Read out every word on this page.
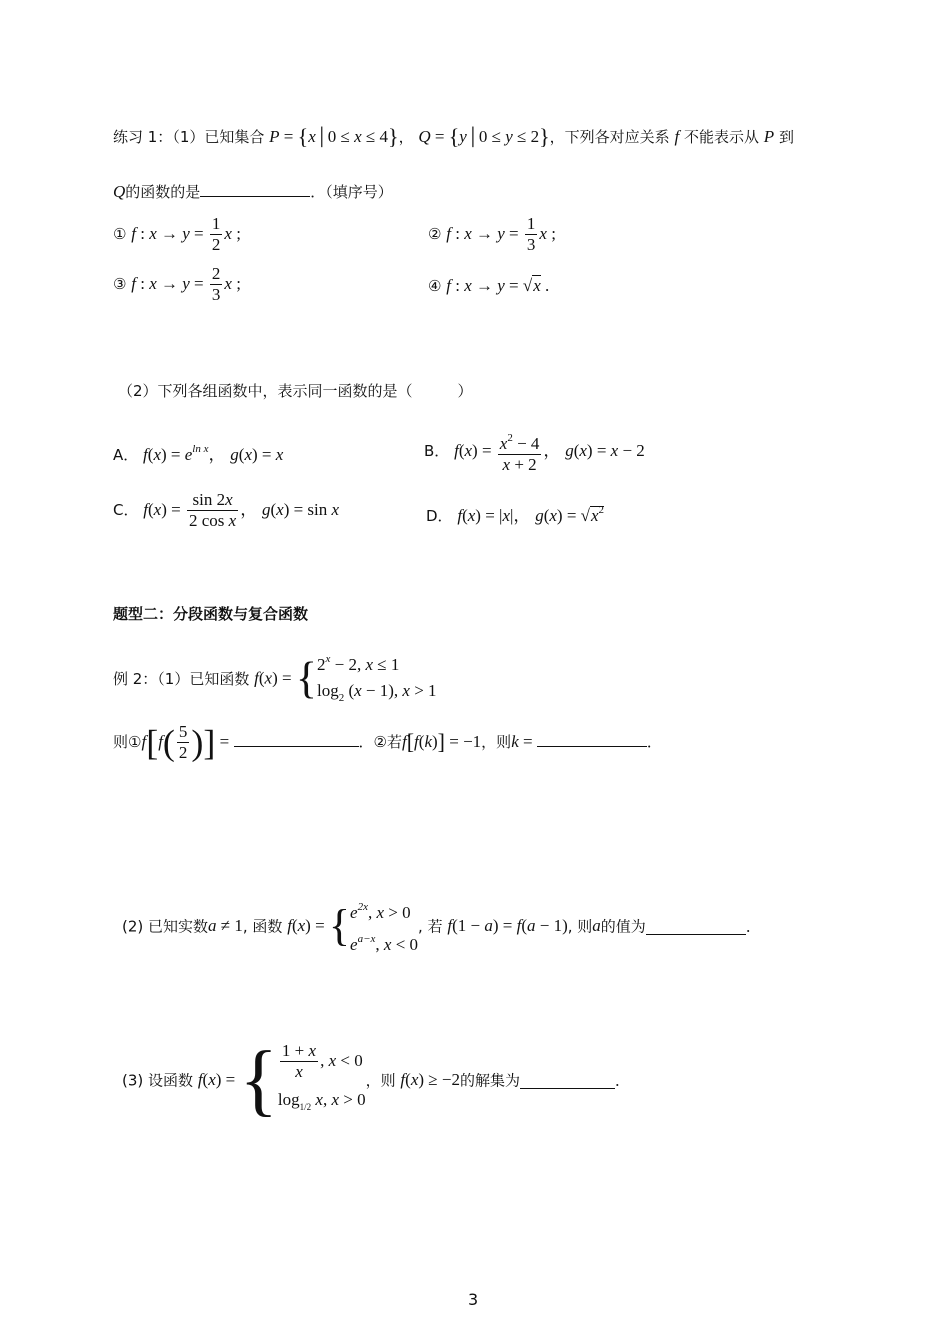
练习 1：（1）已知集合 P = {x│0 ≤ x ≤ 4}， Q = {y│0 ≤ y ≤ 2}，下列各对应关系 f 不能表示从 P 到
Q的函数的是	．（填序号）
① f : $x \to y = \frac{1}{2}$ x ;	② f : $x \to y = \frac{1}{3}$ x ;
③ f : $x \to y = \frac{2}{3}$ x ;	④ f : x → y = √x .
（2）下列各组函数中，表示同一函数的是（　　　）
A． $f(x) = e^{ln x}$， g(x) = x	B． $f(x) = \frac{x^2 - 4}{x + 2}$ ， g(x) = x − 2
C． $f(x) = \frac{\sin 2x}{\text{2 cos x}}$ ， g(x) = sin x	D． f(x) = |x|， $g(x) = √x^2$
题型二：分段函数与复合函数
例 2：（1）已知函数 f(x) = { $2^x - 2$, x ≤ 1
$\log_2 (x - 1)$, x > 1
则①f[f( $\frac{5}{2}$ )] =	．②若f[f(k)] = −1，则k =	．
(2) 已知实数a ≠ 1, 函数 f(x) = { $e^{2x}$, x > 0
$e^{a-x}$, x < 0
, 若 f(1 − a) = f(a − 1), 则a的值为	．
(3) 设函数 f(x) = { $\frac{1 + x}{x}$ , x < 0
$\log_{1/2} x$, x > 0
，则 f(x) ≥ −2的解集为	．
3
